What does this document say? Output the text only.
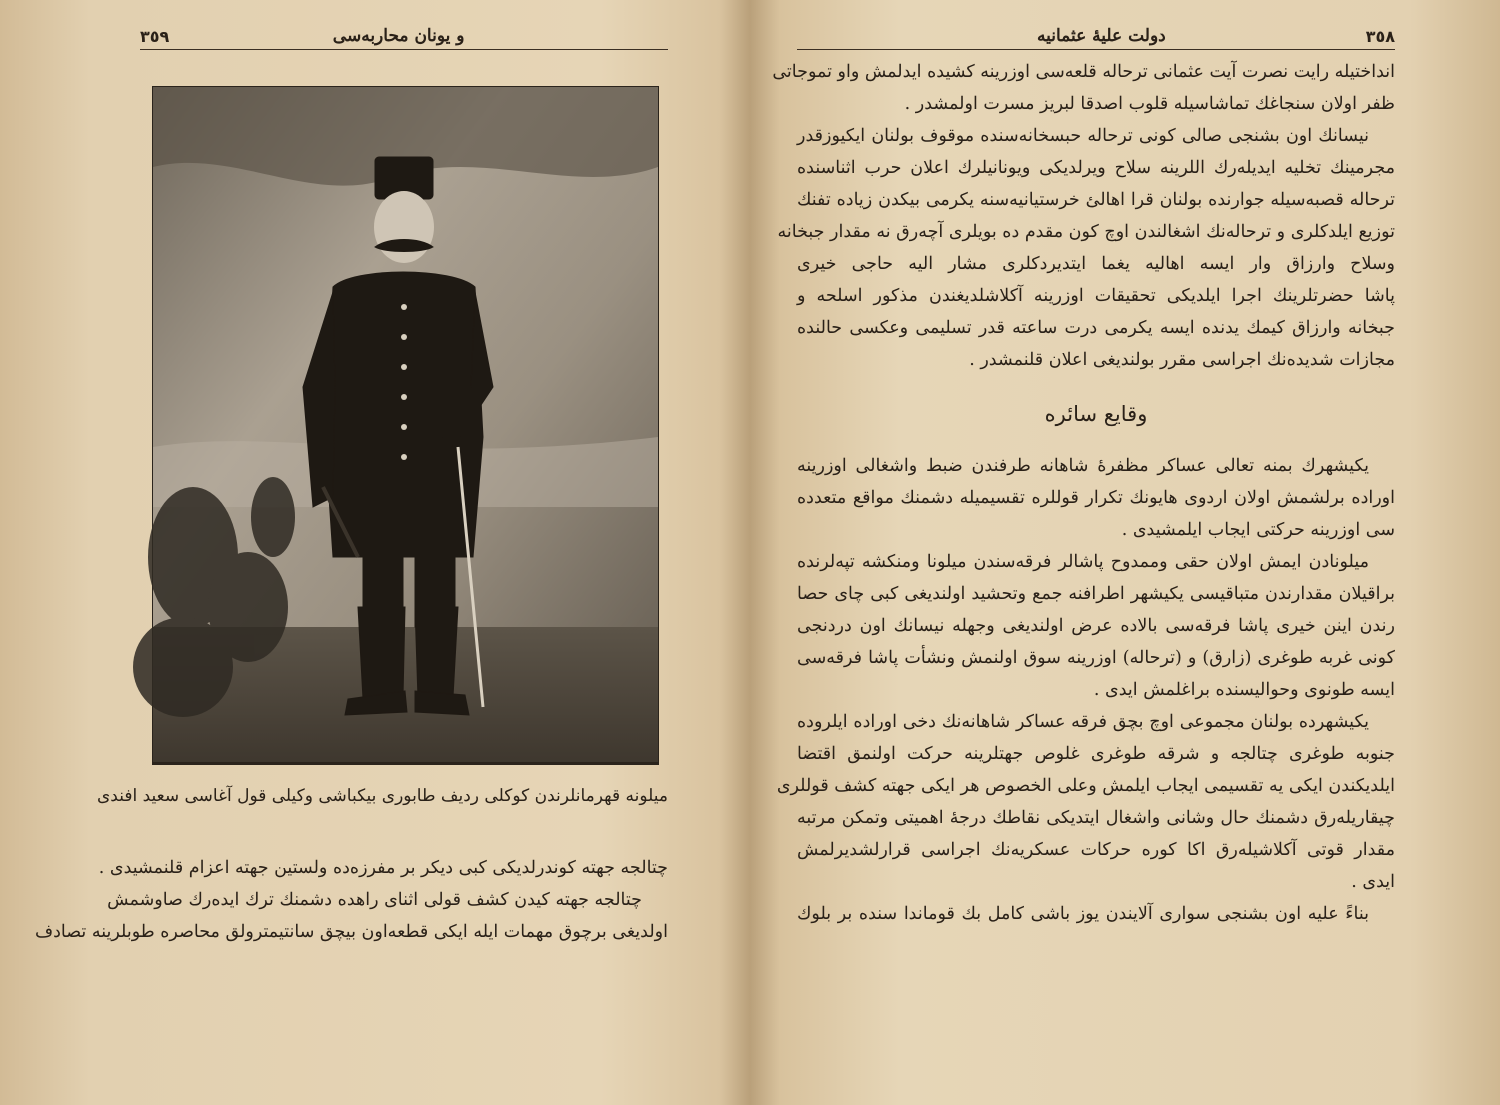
٣٥٩	و يونان محاربه‌سى
ميلونه قهرمانلرندن كوكلى رديف طابورى بيكباشى وكيلى قول آغاسى سعيد افندى
چتالجه جهته كوندرلديكى كبى ديكر بر مفرزه‌ده ولستين جهته اعزام قلنمشيدى .
چتالجه جهته كيدن كشف قولى اثناى راهده دشمنك ترك ايده‌رك صاوشمش
اولديغى برچوق مهمات ايله ايكى قطعه‌اون بيچق سانتيمترولق محاصره طوبلرينه تصادف
دولت عليهٔ عثمانيه	٣٥٨
انداختيله رايت نصرت آيت عثمانى ترحاله قلعه‌سى اوزرينه كشيده ايدلمش واو تموجاتى
ظفر اولان سنجاغك تماشاسيله قلوب اصدقا لبريز مسرت اولمشدر .
نيسانك اون بشنجى صالى كونى ترحاله حبسخانه‌سنده موقوف بولنان ايكيوزقدر
مجرمينك تخليه ايديله‌رك اللرينه سلاح ويرلديكى ويونانيلرك اعلان حرب اثناسنده
ترحاله قصبه‌سيله جوارنده بولنان قرا اهالئ خرستيانيه‌سنه يكرمى بيكدن زياده تفنك
توزيع ايلدكلرى و ترحاله‌نك اشغالندن اوچ كون مقدم ده بويلرى آچه‌رق نه مقدار جبخانه
وسلاح وارزاق وار ايسه اهاليه يغما ايتديردكلرى مشار اليه حاجى خيرى
پاشا حضرتلرينك اجرا ايلديكى تحقيقات اوزرينه آكلاشلديغندن مذكور اسلحه و
جبخانه وارزاق كيمك يدنده ايسه يكرمى درت ساعته قدر تسليمى وعكسى حالنده
مجازات شديده‌نك اجراسى مقرر بولنديغى اعلان قلنمشدر .
وقايع سائره
يكيشهرك بمنه تعالى عساكر مظفرهٔ شاهانه طرفندن ضبط واشغالى اوزرينه
اوراده برلشمش اولان اردوى هايونك تكرار قوللره تقسيميله دشمنك مواقع متعدده‌
سى اوزرينه حركتى ايجاب ايلمشيدى .
ميلونادن ايمش اولان حقى وممدوح پاشالر فرقه‌سندن ميلونا ومنكشه تپه‌لرنده
براقيلان مقدارندن متباقيسى يكيشهر اطرافنه جمع وتحشيد اولنديغى كبى چاى حصا
رندن اينن خيرى پاشا فرقه‌سى بالاده عرض اولنديغى وجهله نيسانك اون دردنجى
كونى غربه طوغرى (زارق) و (ترحاله) اوزرينه سوق اولنمش ونشأت پاشا فرقه‌سى
ايسه طونوى وحواليسنده براغلمش ايدى .
يكيشهرده بولنان مجموعى اوچ بچق فرقه عساكر شاهانه‌نك دخى اوراده ايلروده
جنوبه طوغرى چتالجه و شرقه طوغرى غلوص جهتلرينه حركت اولنمق اقتضا
ايلديكندن ايكى يه تقسيمى ايجاب ايلمش وعلى الخصوص هر ايكى جهته كشف قوللرى
چيقاريله‌رق دشمنك حال وشانى واشغال ايتديكى نقاطك درجهٔ اهميتى وتمكن مرتبه
مقدار قوتى آكلاشيله‌رق اكا كوره حركات عسكريه‌نك اجراسى قرارلشديرلمش
ايدى .
بناءً عليه اون بشنجى سوارى آلايندن يوز باشى كامل بك قوماندا سنده بر بلوك
